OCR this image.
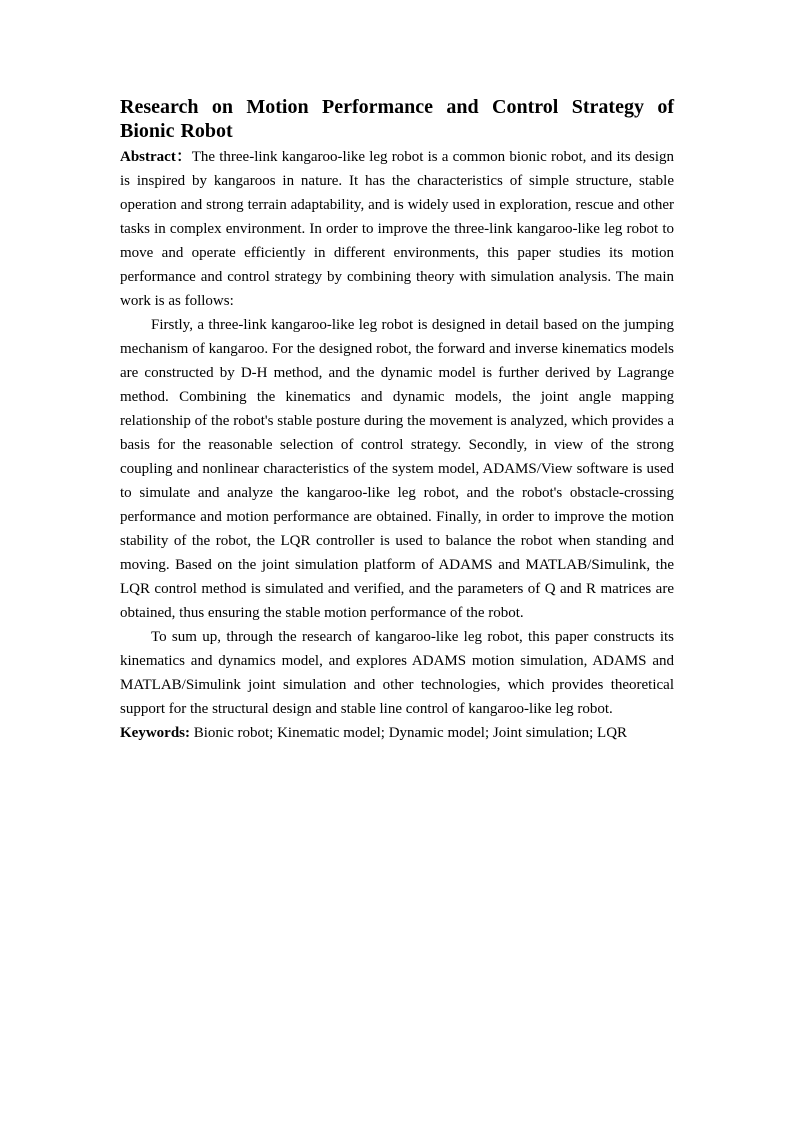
Research on Motion Performance and Control Strategy of Bionic Robot

Abstract：The three-link kangaroo-like leg robot is a common bionic robot, and its design is inspired by kangaroos in nature. It has the characteristics of simple structure, stable operation and strong terrain adaptability, and is widely used in exploration, rescue and other tasks in complex environment. In order to improve the three-link kangaroo-like leg robot to move and operate efficiently in different environments, this paper studies its motion performance and control strategy by combining theory with simulation analysis. The main work is as follows:

Firstly, a three-link kangaroo-like leg robot is designed in detail based on the jumping mechanism of kangaroo. For the designed robot, the forward and inverse kinematics models are constructed by D-H method, and the dynamic model is further derived by Lagrange method. Combining the kinematics and dynamic models, the joint angle mapping relationship of the robot's stable posture during the movement is analyzed, which provides a basis for the reasonable selection of control strategy. Secondly, in view of the strong coupling and nonlinear characteristics of the system model, ADAMS/View software is used to simulate and analyze the kangaroo-like leg robot, and the robot's obstacle-crossing performance and motion performance are obtained. Finally, in order to improve the motion stability of the robot, the LQR controller is used to balance the robot when standing and moving. Based on the joint simulation platform of ADAMS and MATLAB/Simulink, the LQR control method is simulated and verified, and the parameters of Q and R matrices are obtained, thus ensuring the stable motion performance of the robot.

To sum up, through the research of kangaroo-like leg robot, this paper constructs its kinematics and dynamics model, and explores ADAMS motion simulation, ADAMS and MATLAB/Simulink joint simulation and other technologies, which provides theoretical support for the structural design and stable line control of kangaroo-like leg robot.

Keywords: Bionic robot; Kinematic model; Dynamic model; Joint simulation; LQR
